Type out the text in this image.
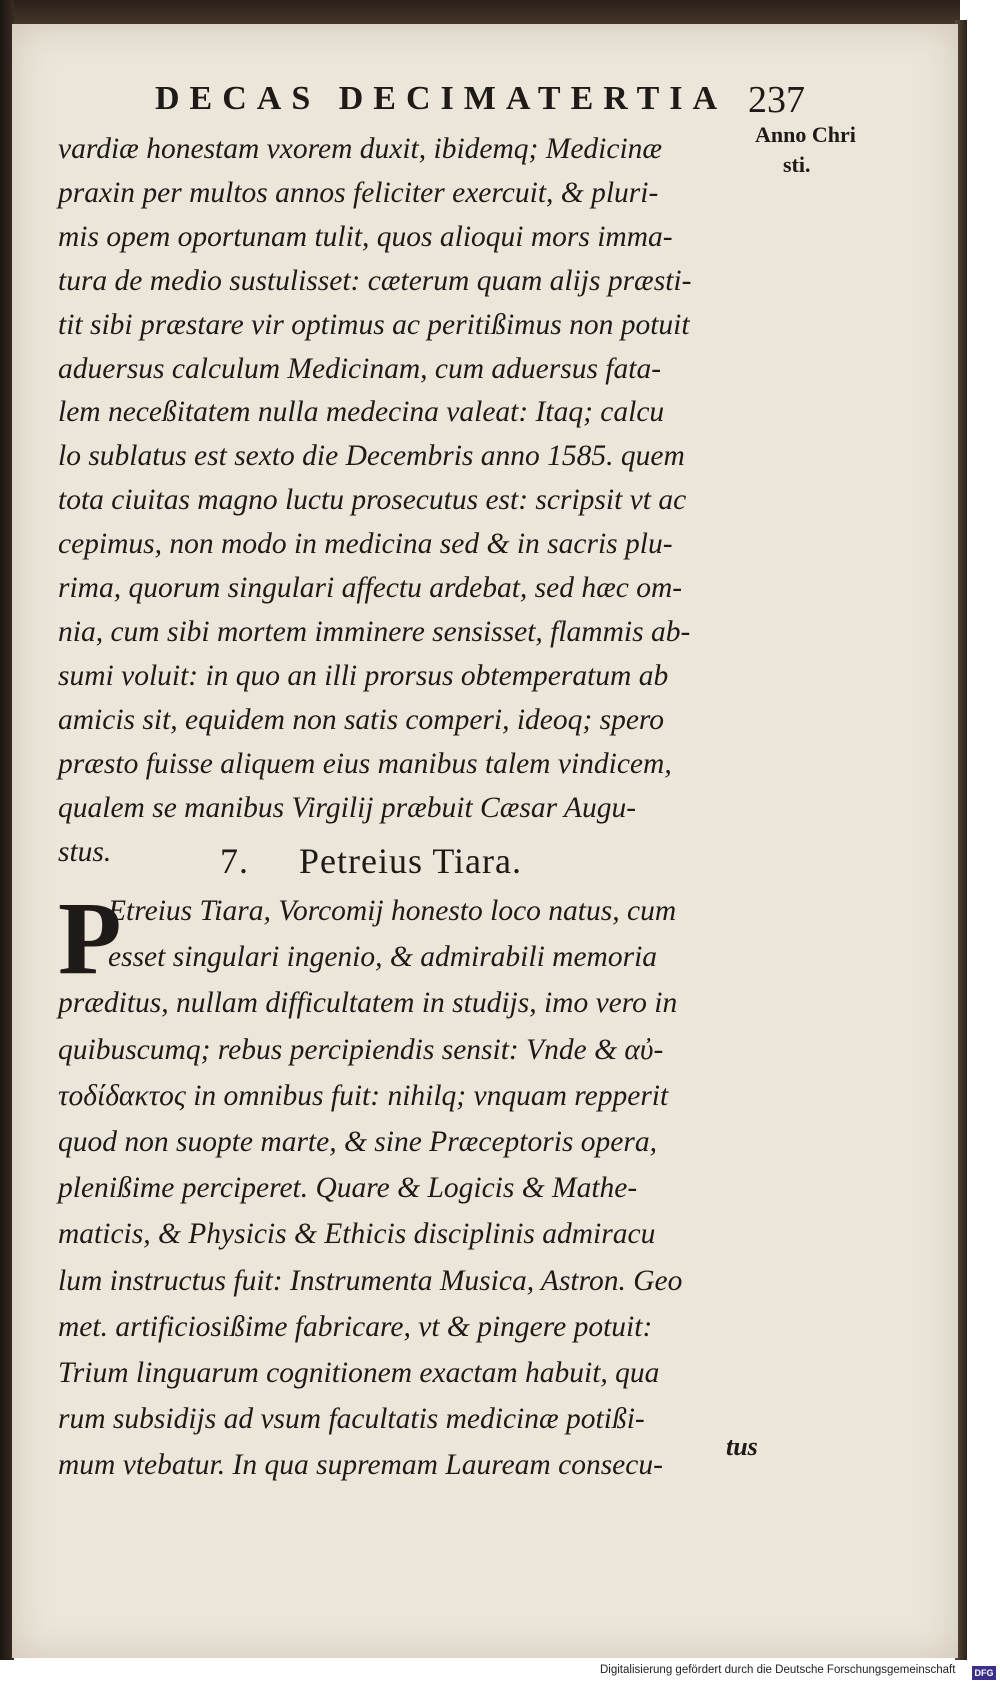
DECAS DECIMATERTIA 237
Anno Chri
sti.
vardiæ honestam vxorem duxit, ibidemq; Medicinæ
praxin per multos annos feliciter exercuit, & pluri-
mis opem oportunam tulit, quos alioqui mors imma-
tura de medio sustulisset: cæterum quam alijs præsti-
tit sibi præstare vir optimus ac peritißimus non potuit
aduersus calculum Medicinam, cum aduersus fata-
lem neceßitatem nulla medecina valeat: Itaq; calcu
lo sublatus est sexto die Decembris anno 1585. quem
tota ciuitas magno luctu prosecutus est: scripsit vt ac
cepimus, non modo in medicina sed & in sacris plu-
rima, quorum singulari affectu ardebat, sed hæc om-
nia, cum sibi mortem imminere sensisset, flammis ab-
sumi voluit: in quo an illi prorsus obtemperatum ab
amicis sit, equidem non satis comperi, ideoq; spero
præsto fuisse aliquem eius manibus talem vindicem,
qualem se manibus Virgilij præbuit Cæsar Augu-
stus.	7. Petreius Tiara.
P
Etreius Tiara, Vorcomij honesto loco natus, cum
esset singulari ingenio, & admirabili memoria
præditus, nullam difficultatem in studijs, imo vero in
quibuscumq; rebus percipiendis sensit: Vnde & αὐ-
τοδίδακτος in omnibus fuit: nihilq; vnquam repperit
quod non suopte marte, & sine Præceptoris opera,
plenißime perciperet. Quare & Logicis & Mathe-
maticis, & Physicis & Ethicis disciplinis admiracu
lum instructus fuit: Instrumenta Musica, Astron. Geo
met. artificiosißime fabricare, vt & pingere potuit:
Trium linguarum cognitionem exactam habuit, qua
rum subsidijs ad vsum facultatis medicinæ potißi-
mum vtebatur. In qua supremam Lauream consecu-
tus
Digitalisierung gefördert durch die Deutsche Forschungsgemeinschaft	DFG
